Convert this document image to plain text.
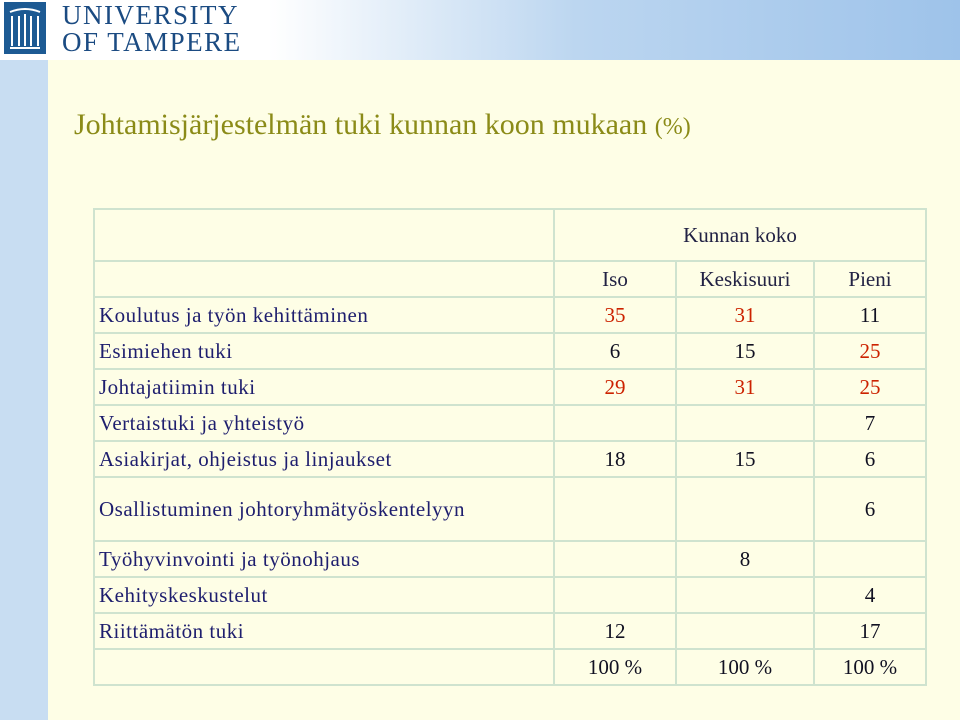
UNIVERSITY
OF TAMPERE
Johtamisjärjestelmän tuki kunnan koon mukaan (%)
	Kunnan koko		
	Iso	Keskisuuri	Pieni
Koulutus ja työn kehittäminen	35	31	11
Esimiehen tuki	6	15	25
Johtajatiimin tuki	29	31	25
Vertaistuki ja yhteistyö			7
Asiakirjat, ohjeistus ja linjaukset	18	15	6
Osallistuminen johtoryhmätyöskentelyyn			6
Työhyvinvointi ja työnohjaus		8	
Kehityskeskustelut			4
Riittämätön tuki	12		17
	100 %	100 %	100 %
